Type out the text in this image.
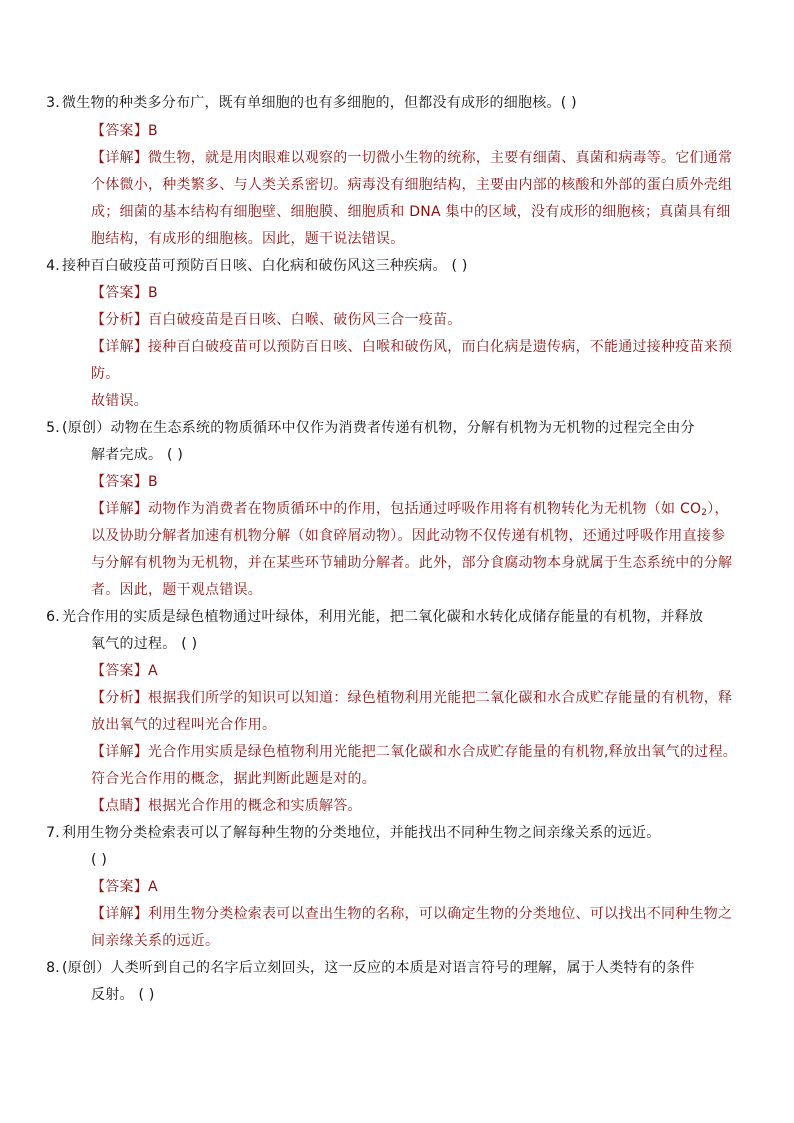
3. 微生物的种类多分布广，既有单细胞的也有多细胞的，但都没有成形的细胞核。( )
【答案】B
【详解】微生物，就是用肉眼难以观察的一切微小生物的统称，主要有细菌、真菌和病毒等。它们通常
个体微小，种类繁多、与人类关系密切。病毒没有细胞结构，主要由内部的核酸和外部的蛋白质外壳组
成；细菌的基本结构有细胞壁、细胞膜、细胞质和 DNA 集中的区域，没有成形的细胞核；真菌具有细
胞结构，有成形的细胞核。因此，题干说法错误。
4. 接种百白破疫苗可预防百日咳、白化病和破伤风这三种疾病。 ( )
【答案】B
【分析】百白破疫苗是百日咳、白喉、破伤风三合一疫苗。
【详解】接种百白破疫苗可以预防百日咳、白喉和破伤风，而白化病是遗传病，不能通过接种疫苗来预
防。
故错误。
5. (原创）动物在生态系统的物质循环中仅作为消费者传递有机物，分解有机物为无机物的过程完全由分
解者完成。 ( )
【答案】B
【详解】动物作为消费者在物质循环中的作用，包括通过呼吸作用将有机物转化为无机物（如 $CO_2$），
以及协助分解者加速有机物分解（如食碎屑动物）。因此动物不仅传递有机物，还通过呼吸作用直接参
与分解有机物为无机物，并在某些环节辅助分解者。此外，部分食腐动物本身就属于生态系统中的分解
者。因此，题干观点错误。
6. 光合作用的实质是绿色植物通过叶绿体，利用光能，把二氧化碳和水转化成储存能量的有机物，并释放
氧气的过程。 ( )
【答案】A
【分析】根据我们所学的知识可以知道：绿色植物利用光能把二氧化碳和水合成贮存能量的有机物，释
放出氧气的过程叫光合作用。
【详解】光合作用实质是绿色植物利用光能把二氧化碳和水合成贮存能量的有机物,释放出氧气的过程。
符合光合作用的概念，据此判断此题是对的。
【点睛】根据光合作用的概念和实质解答。
7. 利用生物分类检索表可以了解每种生物的分类地位，并能找出不同种生物之间亲缘关系的远近。
( )
【答案】A
【详解】利用生物分类检索表可以查出生物的名称，可以确定生物的分类地位、可以找出不同种生物之
间亲缘关系的远近。
8. (原创）人类听到自己的名字后立刻回头，这一反应的本质是对语言符号的理解，属于人类特有的条件
反射。 ( )
